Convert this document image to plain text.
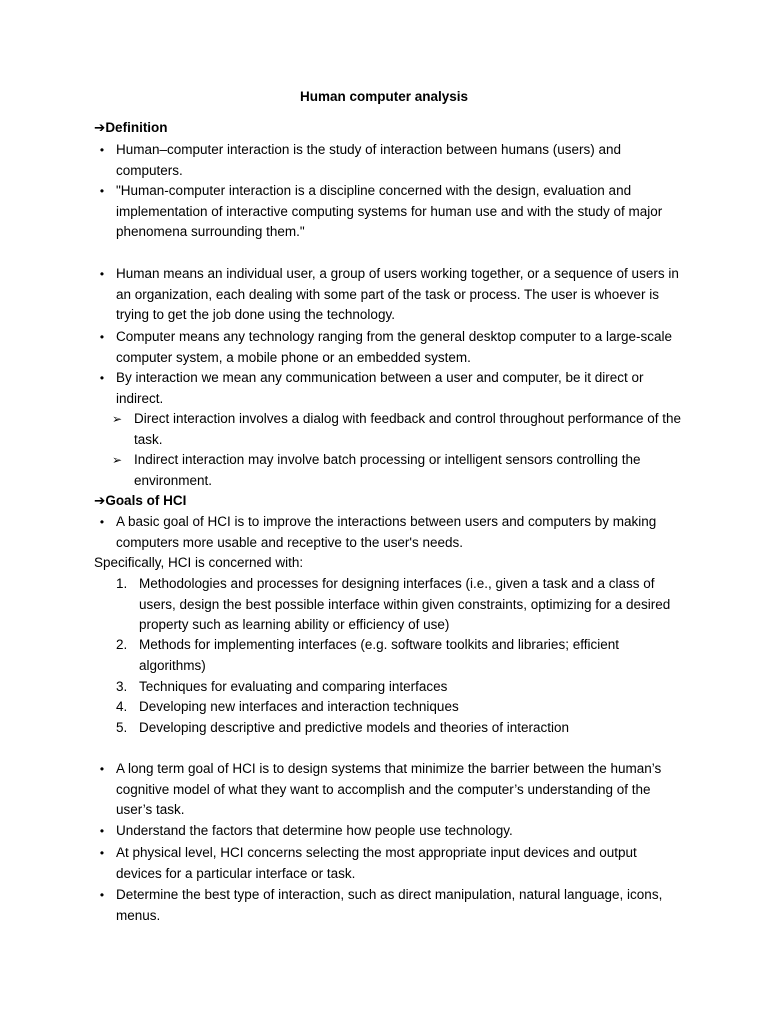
Human computer analysis
➔Definition
• Human–computer interaction is the study of interaction between humans (users) and computers.
• "Human-computer interaction is a discipline concerned with the design, evaluation and implementation of interactive computing systems for human use and with the study of major phenomena surrounding them."
• Human means an individual user, a group of users working together, or a sequence of users in an organization, each dealing with some part of the task or process. The user is whoever is trying to get the job done using the technology.
• Computer means any technology ranging from the general desktop computer to a large-scale computer system, a mobile phone or an embedded system.
• By interaction we mean any communication between a user and computer, be it direct or indirect.
➢ Direct interaction involves a dialog with feedback and control throughout performance of the task.
➢ Indirect interaction may involve batch processing or intelligent sensors controlling the environment.
➔Goals of HCI
• A basic goal of HCI is to improve the interactions between users and computers by making computers more usable and receptive to the user's needs.
Specifically, HCI is concerned with:
1. Methodologies and processes for designing interfaces (i.e., given a task and a class of users, design the best possible interface within given constraints, optimizing for a desired property such as learning ability or efficiency of use)
2. Methods for implementing interfaces (e.g. software toolkits and libraries; efficient algorithms)
3. Techniques for evaluating and comparing interfaces
4. Developing new interfaces and interaction techniques
5. Developing descriptive and predictive models and theories of interaction
• A long term goal of HCI is to design systems that minimize the barrier between the human’s cognitive model of what they want to accomplish and the computer’s understanding of the user’s task.
• Understand the factors that determine how people use technology.
• At physical level, HCI concerns selecting the most appropriate input devices and output devices for a particular interface or task.
• Determine the best type of interaction, such as direct manipulation, natural language, icons, menus.
